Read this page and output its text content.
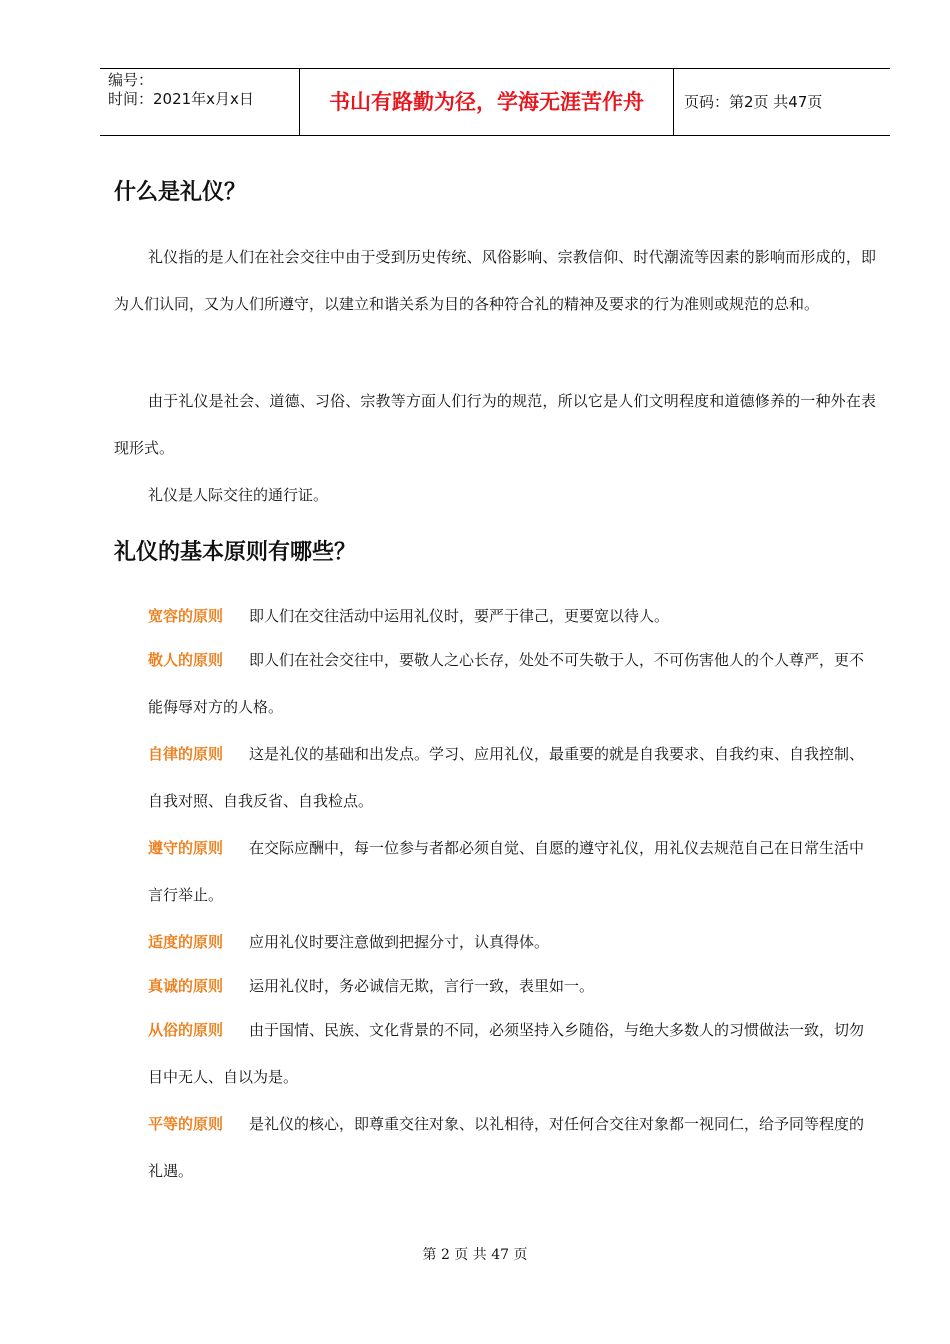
编号：
时间：2021年x月x日	书山有路勤为径，学海无涯苦作舟	页码：第2页 共47页
什么是礼仪？

礼仪指的是人们在社会交往中由于受到历史传统、风俗影响、宗教信仰、时代潮流等因素的影响而形成的，即为人们认同，又为人们所遵守，以建立和谐关系为目的各种符合礼的精神及要求的行为准则或规范的总和。

由于礼仪是社会、道德、习俗、宗教等方面人们行为的规范，所以它是人们文明程度和道德修养的一种外在表现形式。

礼仪是人际交往的通行证。

礼仪的基本原则有哪些？
宽容的原则 即人们在交往活动中运用礼仪时，要严于律己，更要宽以待人。
敬人的原则 即人们在社会交往中，要敬人之心长存，处处不可失敬于人，不可伤害他人的个人尊严，更不能侮辱对方的人格。
自律的原则 这是礼仪的基础和出发点。学习、应用礼仪，最重要的就是自我要求、自我约束、自我控制、自我对照、自我反省、自我检点。
遵守的原则 在交际应酬中，每一位参与者都必须自觉、自愿的遵守礼仪，用礼仪去规范自己在日常生活中言行举止。
适度的原则 应用礼仪时要注意做到把握分寸，认真得体。
真诚的原则 运用礼仪时，务必诚信无欺，言行一致，表里如一。
从俗的原则 由于国情、民族、文化背景的不同，必须坚持入乡随俗，与绝大多数人的习惯做法一致，切勿目中无人、自以为是。
平等的原则 是礼仪的核心，即尊重交往对象、以礼相待，对任何合交往对象都一视同仁，给予同等程度的礼遇。
第 2 页 共 47 页
